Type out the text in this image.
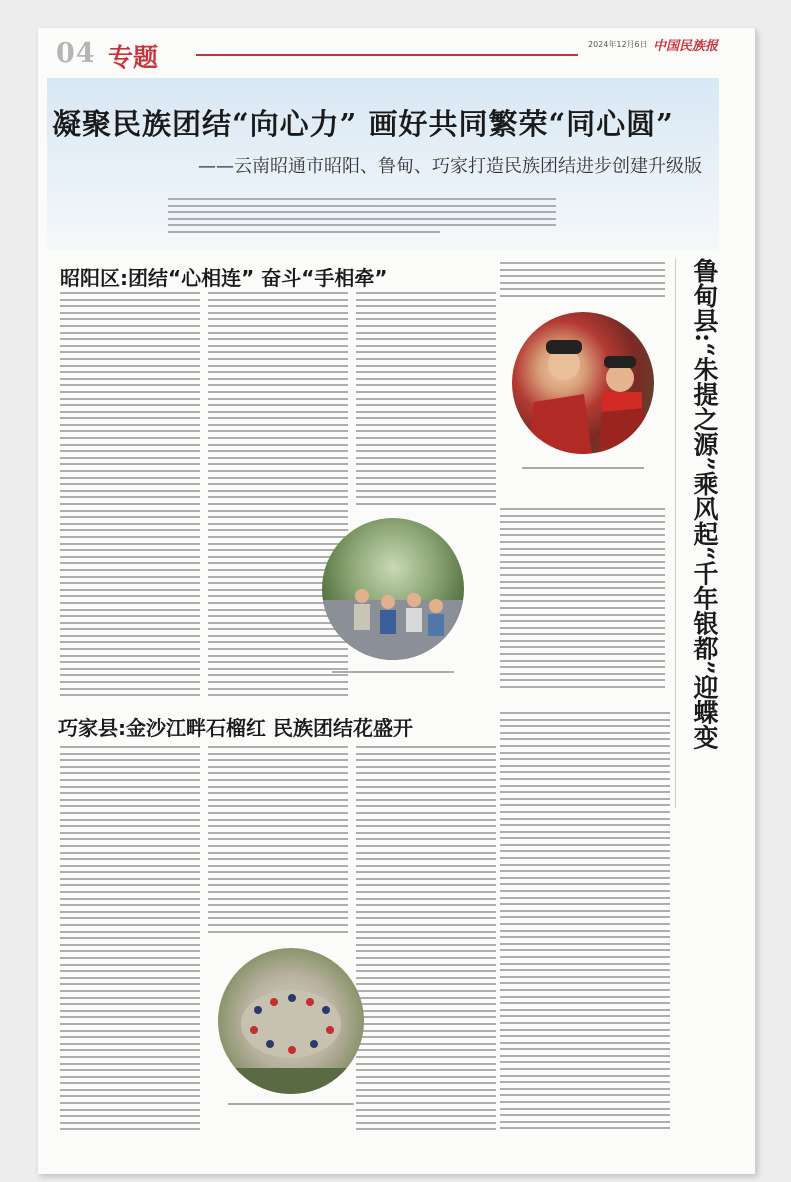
04 专题	2024年12月6日 中国民族报
凝聚民族团结“向心力” 画好共同繁荣“同心圆”
——云南昭通市昭阳、鲁甸、巧家打造民族团结进步创建升级版
昭阳区:团结“心相连” 奋斗“手相牵”
巧家县:金沙江畔石榴红 民族团结花盛开	鲁甸县:“朱提之源”乘风起“千年银都”迎蝶变
